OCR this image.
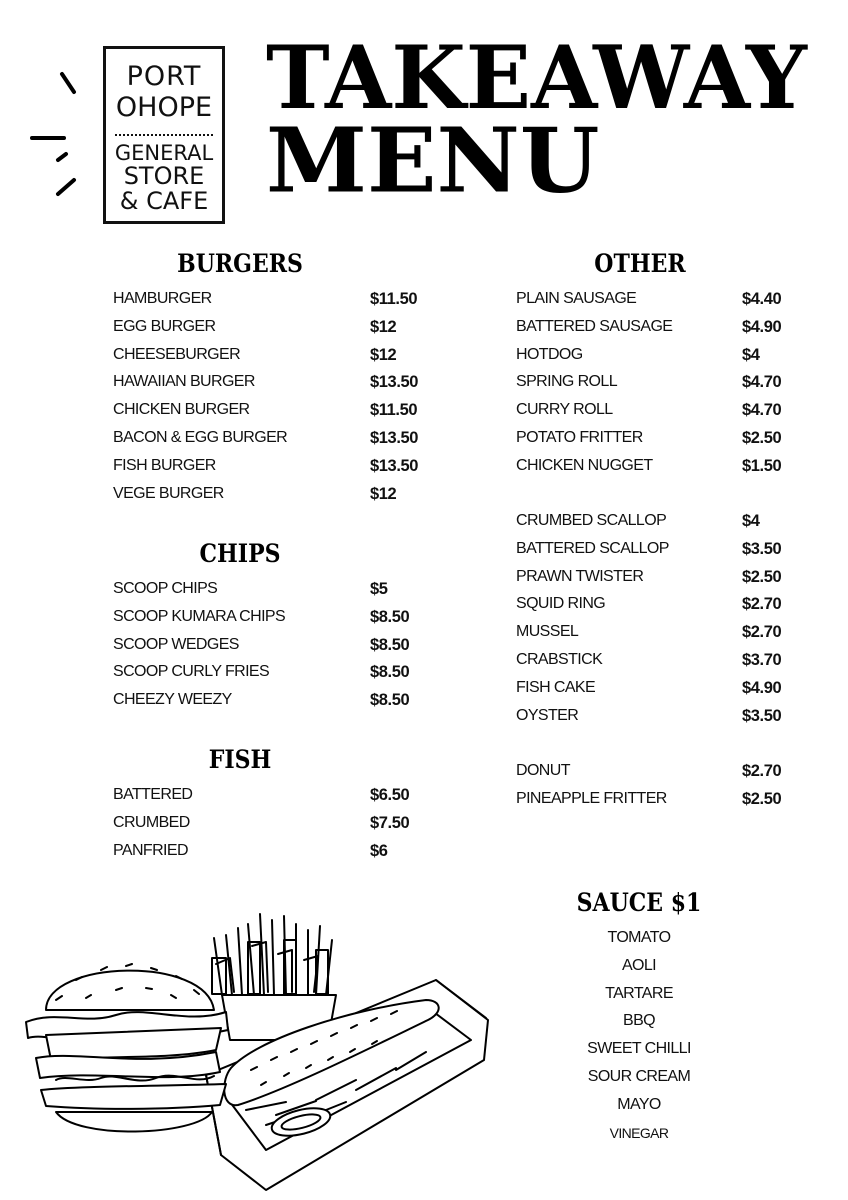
PORT
OHOPE
GENERAL
STORE
& CAFE
TAKEAWAY
MENU
BURGERS
HAMBURGER	$11.50
EGG BURGER	$12
CHEESEBURGER	$12
HAWAIIAN BURGER	$13.50
CHICKEN BURGER	$11.50
BACON & EGG BURGER	$13.50
FISH BURGER	$13.50
VEGE BURGER	$12
CHIPS
SCOOP CHIPS	$5
SCOOP KUMARA CHIPS	$8.50
SCOOP WEDGES	$8.50
SCOOP CURLY FRIES	$8.50
CHEEZY WEEZY	$8.50
FISH
BATTERED	$6.50
CRUMBED	$7.50
PANFRIED	$6
OTHER
PLAIN SAUSAGE	$4.40
BATTERED SAUSAGE	$4.90
HOTDOG	$4
SPRING ROLL	$4.70
CURRY ROLL	$4.70
POTATO FRITTER	$2.50
CHICKEN NUGGET	$1.50
CRUMBED SCALLOP	$4
BATTERED SCALLOP	$3.50
PRAWN TWISTER	$2.50
SQUID RING	$2.70
MUSSEL	$2.70
CRABSTICK	$3.70
FISH CAKE	$4.90
OYSTER	$3.50
DONUT	$2.70
PINEAPPLE FRITTER	$2.50
SAUCE $1
TOMATO
AOLI
TARTARE
BBQ
SWEET CHILLI
SOUR CREAM
MAYO
VINEGAR
